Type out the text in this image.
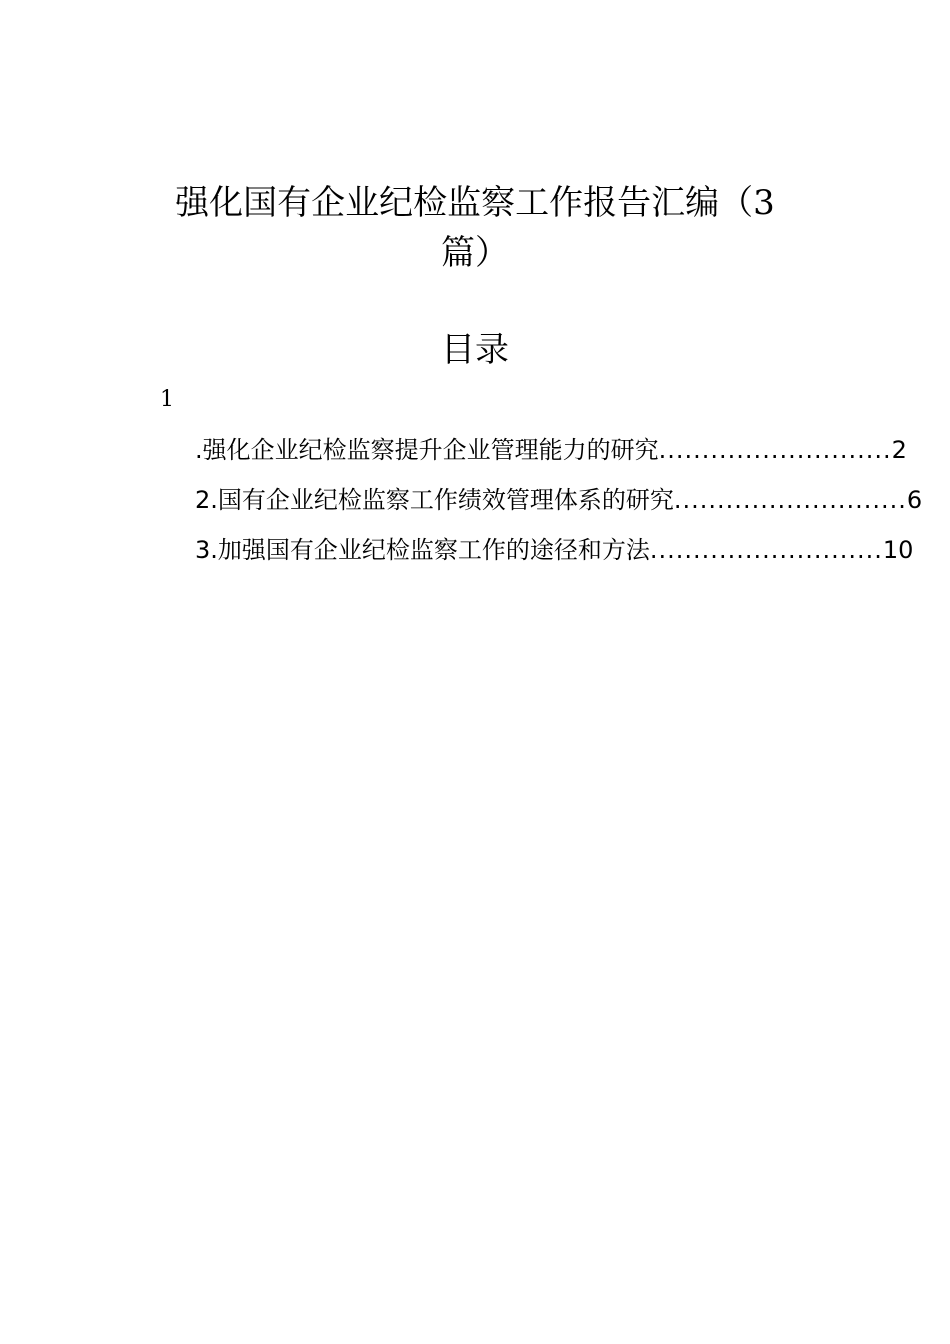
强化国有企业纪检监察工作报告汇编（3
篇）
目录
1
.强化企业纪检监察提升企业管理能力的研究 ........................... 2
2. 国有企业纪检监察工作绩效管理体系的研究 ........................... 6
3. 加强国有企业纪检监察工作的途径和方法 ........................... 10
